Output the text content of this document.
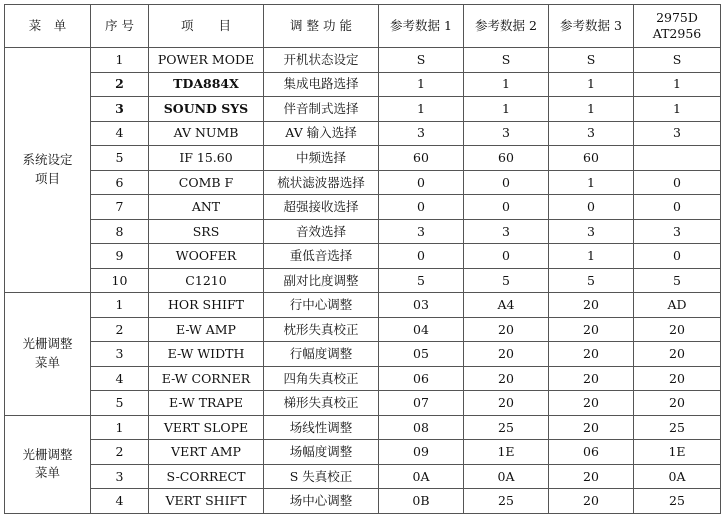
菜　单	序 号	项　　目	调 整 功 能	参考数据 1	参考数据 2	参考数据 3	2975D
AT2956
系统设定
项目	1	POWER MODE	开机状态设定	S	S	S	S
	2	TDA884X	集成电路选择	1	1	1	1
	3	SOUND SYS	伴音制式选择	1	1	1	1
	4	AV NUMB	AV 输入选择	3	3	3	3
	5	IF 15.60	中频选择	60	60	60	
	6	COMB F	梳状滤波器选择	0	0	1	0
	7	ANT	超强接收选择	0	0	0	0
	8	SRS	音效选择	3	3	3	3
	9	WOOFER	重低音选择	0	0	1	0
	10	C1210	副对比度调整	5	5	5	5
光栅调整
菜单	1	HOR SHIFT	行中心调整	03	A4	20	AD
	2	E-W AMP	枕形失真校正	04	20	20	20
	3	E-W WIDTH	行幅度调整	05	20	20	20
	4	E-W CORNER	四角失真校正	06	20	20	20
	5	E-W TRAPE	梯形失真校正	07	20	20	20
光栅调整
菜单	1	VERT SLOPE	场线性调整	08	25	20	25
	2	VERT AMP	场幅度调整	09	1E	06	1E
	3	S-CORRECT	S 失真校正	0A	0A	20	0A
	4	VERT SHIFT	场中心调整	0B	25	20	25
